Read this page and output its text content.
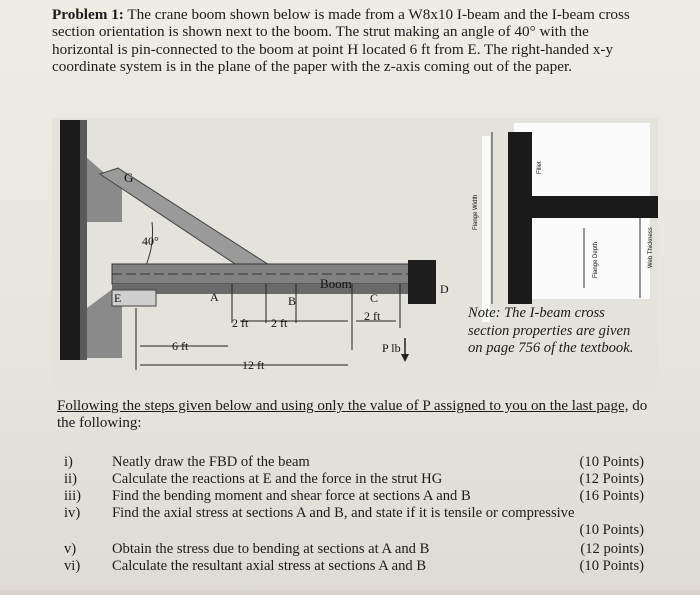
Problem 1: The crane boom shown below is made from a W8x10 I-beam and the I-beam cross section orientation is shown next to the boom. The strut making an angle of 40° with the horizontal is pin-connected to the boom at point H located 6 ft from E. The right-handed x-y coordinate system is in the plane of the paper with the z-axis coming out of the paper.
G
40°
E	A	B
Boom
C
D
2 ft 2 ft	2 ft
6 ft
12 ft
P lb
Flange Width
Fillet
Web Thickness
Flange Depth
Note: The I-beam cross section properties are given on page 756 of the textbook.
Following the steps given below and using only the value of P assigned to you on the last page, do the following:
i)	Neatly draw the FBD of the beam	(10 Points)
ii)	Calculate the reactions at E and the force in the strut HG	(12 Points)
iii)	Find the bending moment and shear force at sections A and B	(16 Points)
iv)	Find the axial stress at sections A and B, and state if it is tensile or compressive
(10 Points)
v)	Obtain the stress due to bending at sections at A and B	(12 points)
vi)	Calculate the resultant axial stress at sections A and B	(10 Points)
